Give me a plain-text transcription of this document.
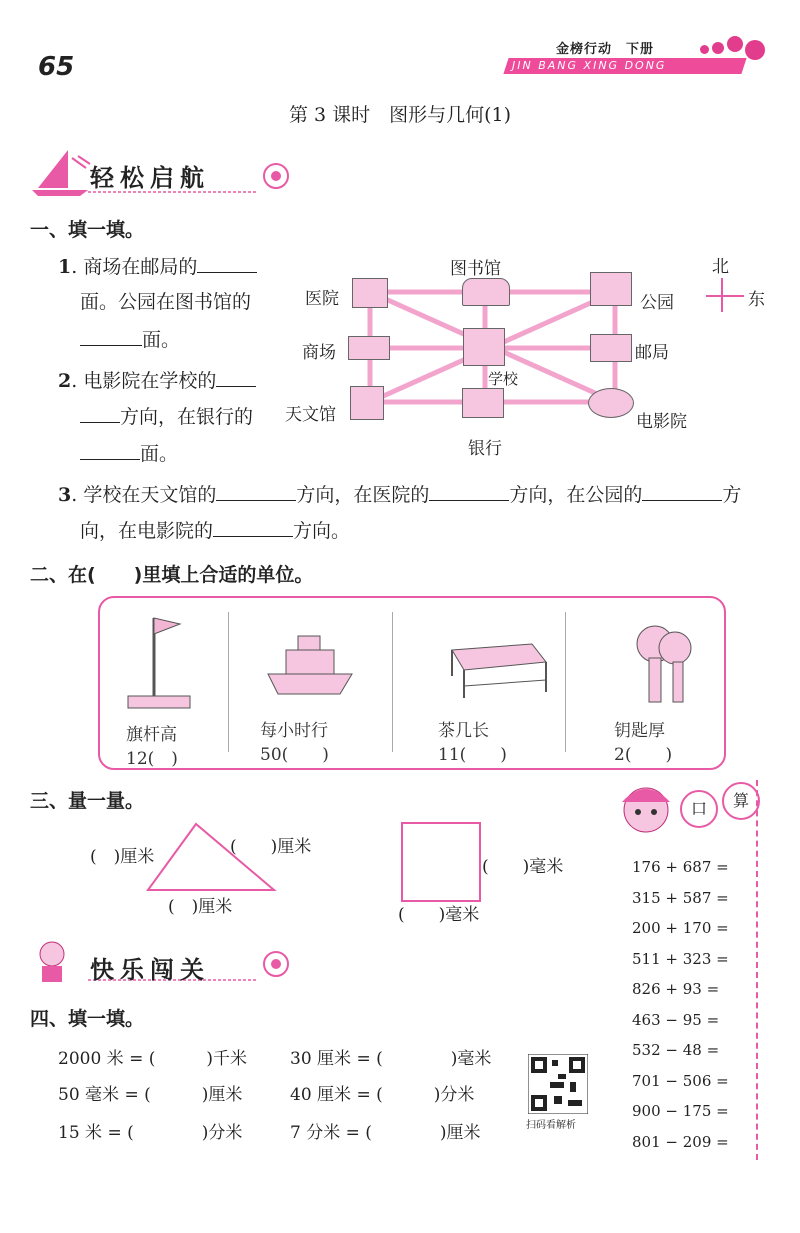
65
金榜行动　下册
JIN BANG XING DONG
第 3 课时　图形与几何(1)
轻松启航
一、填一填。
1. 商场在邮局的
面。公园在图书馆的
面。
2. 电影院在学校的
方向，在银行的
面。
3. 学校在天文馆的	方向，在医院的	方向，在公园的	方
向，在电影院的	方向。
图书馆
医院	公园
商场
学校
邮局
天文馆	电影院
银行
北
东
二、在(　　)里填上合适的单位。
旗杆高
12(　)
每小时行
50(　　)
茶几长
11(　　)
钥匙厚
2(　　)
三、量一量。
(　)厘米	(　　)厘米
(　)厘米
(　　)毫米
(　　)毫米
口	算
176 + 687 =
315 + 587 =
200 + 170 =
511 + 323 =
826 + 93 =
463 − 95 =
532 − 48 =
701 − 506 =
900 − 175 =
801 − 209 =
快乐闯关
四、填一填。
2000 米 = (　　　)千米	30 厘米 = (　　　　)毫米
50 毫米 = (　　　)厘米	40 厘米 = (　　　)分米
15 米 = (　　　　)分米	7 分米 = (　　　　)厘米	扫码看解析
